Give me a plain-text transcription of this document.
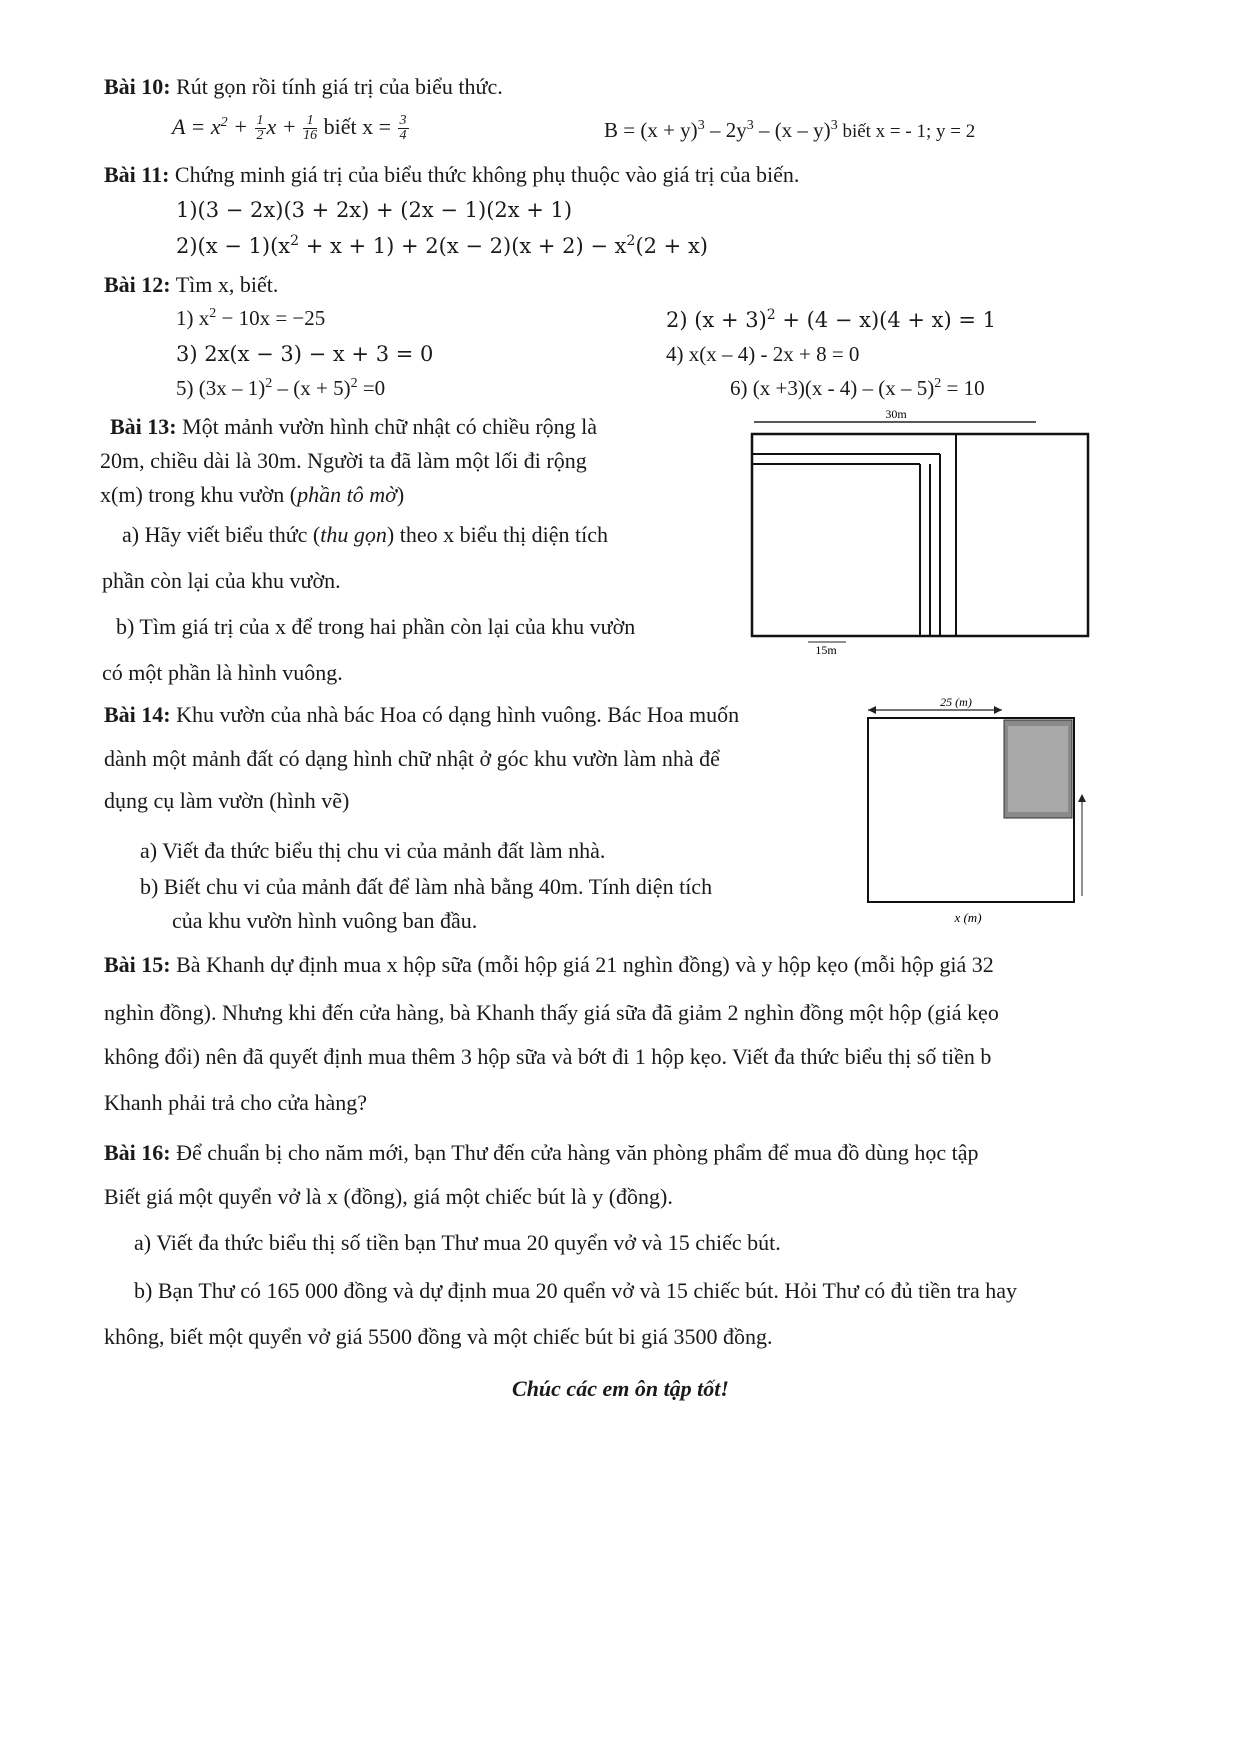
Bài 10: Rút gọn rồi tính giá trị của biểu thức.
$A = x^2 + \frac{1}{2}$ $x + \frac{1}{16}$ biết $x = \frac{3}{4}$	$B = (x + y)^3 - 2y^3 - (x - y)^3$ biết x = - 1; y = 2
Bài 11: Chứng minh giá trị của biểu thức không phụ thuộc vào giá trị của biến.
1)(3 − 2x)(3 + 2x) + (2x − 1)(2x + 1)
$2)(x - 1)(x^2 + x + 1) + 2(x - 2)(x + 2) - x^2(2 + x)$
Bài 12: Tìm x, biết.
1) $x^2 - 10x = -25$	2) $(x + 3)^2 + (4 - x)(4 + x) = 1$
3) 2x(x − 3) − x + 3 = 0	4) x(x – 4) - 2x + 8 = 0
5) $(3x - 1)^2 - (x + 5)^2 =0$	6) (x +3)(x - 4) – (x – 5)$^2$ = 10
Bài 13: Một mảnh vườn hình chữ nhật có chiều rộng là
20m, chiều dài là 30m. Người ta đã làm một lối đi rộng
x(m) trong khu vườn (phần tô mờ)
a) Hãy viết biểu thức (thu gọn) theo x biểu thị diện tích
phần còn lại của khu vườn.
b) Tìm giá trị của x để trong hai phần còn lại của khu vườn
có một phần là hình vuông.
30m
15m
Bài 14: Khu vườn của nhà bác Hoa có dạng hình vuông. Bác Hoa muốn
dành một mảnh đất có dạng hình chữ nhật ở góc khu vườn làm nhà để
dụng cụ làm vườn (hình vẽ)
a) Viết đa thức biểu thị chu vi của mảnh đất làm nhà.
b) Biết chu vi của mảnh đất để làm nhà bằng 40m. Tính diện tích
của khu vườn hình vuông ban đầu.
25 (m)
x (m)
Bài 15: Bà Khanh dự định mua x hộp sữa (mỗi hộp giá 21 nghìn đồng) và y hộp kẹo (mỗi hộp giá 32
nghìn đồng). Nhưng khi đến cửa hàng, bà Khanh thấy giá sữa đã giảm 2 nghìn đồng một hộp (giá kẹo
không đổi) nên đã quyết định mua thêm 3 hộp sữa và bớt đi 1 hộp kẹo. Viết đa thức biểu thị số tiền b
Khanh phải trả cho cửa hàng?
Bài 16: Để chuẩn bị cho năm mới, bạn Thư đến cửa hàng văn phòng phẩm để mua đồ dùng học tập
Biết giá một quyển vở là x (đồng), giá một chiếc bút là y (đồng).
a) Viết đa thức biểu thị số tiền bạn Thư mua 20 quyển vở và 15 chiếc bút.
b) Bạn Thư có 165 000 đồng và dự định mua 20 quển vở và 15 chiếc bút. Hỏi Thư có đủ tiền tra hay
không, biết một quyển vở giá 5500 đồng và một chiếc bút bi giá 3500 đồng.
Chúc các em ôn tập tốt!
